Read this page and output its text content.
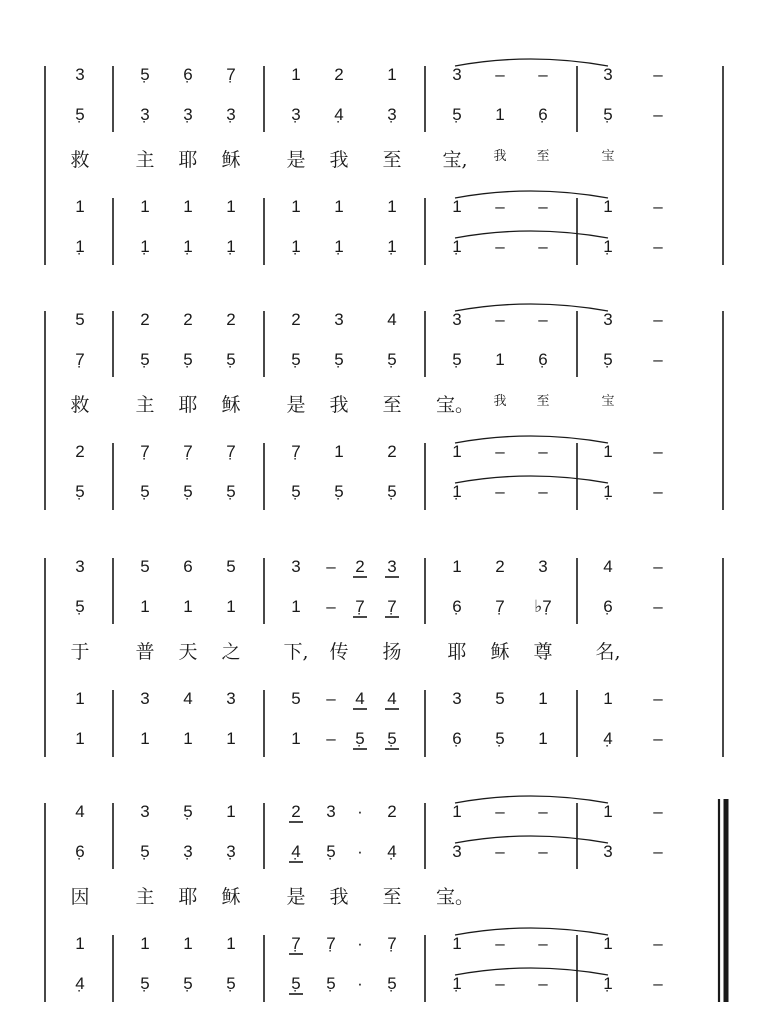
3	5̣ 6̣ 7̣	1 2	1	3 – –	3 –
5̣	3̣ 3̣ 3̣	3̣ 4̣	3̣	5̣ 1 6̣	5̣ –
1	1 1 1	1 1	1	1 – –	1 –
1̣	1̣ 1̣ 1̣	1̣ 1̣	1̣	1̣ – –	1̣ –
救 主 耶 稣 是 我 至 宝, 我 至	宝
5	2 2 2	2 3	4	3 – –	3 –
7̣	5̣ 5̣ 5̣	5̣ 5̣	5̣	5̣ 1 6̣	5̣ –
2	7̣ 7̣ 7̣	7̣ 1	2	1 – –	1 –
5̣	5̣ 5̣ 5̣	5̣ 5̣	5̣	1̣ – –	1̣ –
救 主 耶 稣 是 我 至 宝。 我 至	宝
3	5 6 5	3 – 2 3	1 2 3	4 –
5̣	1 1 1	1 – 7̣ 7̣	6̣ 7̣ ♭7̣	6̣ –
1	3 4 3	5 – 4 4	3 5 1	1 –
1	1 1 1	1 – 5̣ 5̣	6̣ 5̣ 1	4̣ –
于 普 天 之 下, 传 扬 耶 稣 尊 名,
4	3 5̣ 1	2 3 · 2	1 – –	1 –
6̣	5̣ 3̣ 3̣	4̣ 5̣ · 4̣	3 – –	3 –
1	1 1 1	7̣ 7̣ · 7̣	1 – –	1 –
4̣	5̣ 5̣ 5̣	5̣ 5̣ · 5̣	1̣ – –	1̣ –
因 主 耶 稣 是 我 至 宝。
